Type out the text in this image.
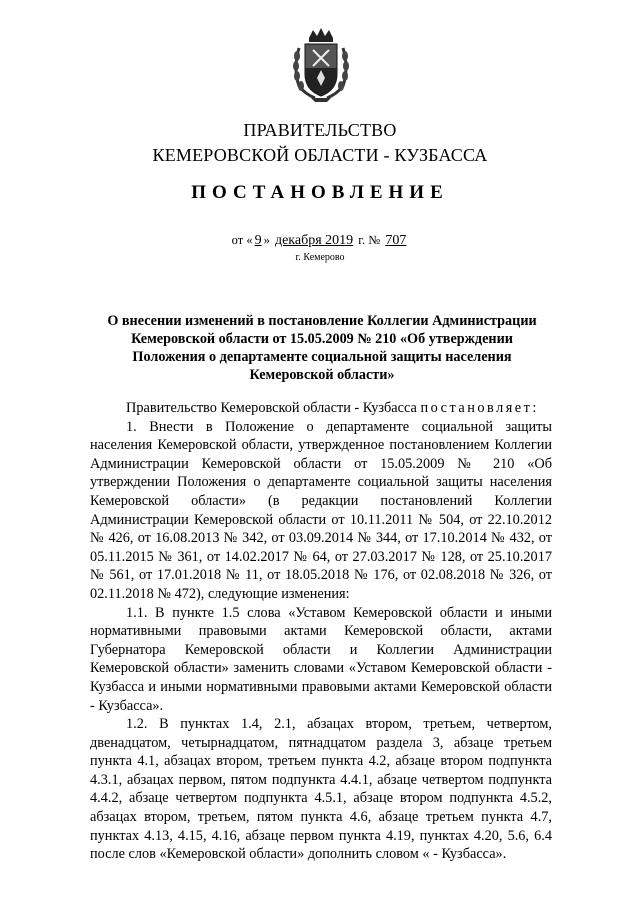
ПРАВИТЕЛЬСТВО
КЕМЕРОВСКОЙ ОБЛАСТИ - КУЗБАССА
ПОСТАНОВЛЕНИЕ
от « 9 » декабря 2019 г. № 707
г. Кемерово
О внесении изменений в постановление Коллегии Администрации Кемеровской области от 15.05.2009 № 210 «Об утверждении Положения о департаменте социальной защиты населения Кемеровской области»

Правительство Кемеровской области - Кузбасса постановляет:

1. Внести в Положение о департаменте социальной защиты населения Кемеровской области, утвержденное постановлением Коллегии Администрации Кемеровской области от 15.05.2009 № 210 «Об утверждении Положения о департаменте социальной защиты населения Кемеровской области» (в редакции постановлений Коллегии Администрации Кемеровской области от 10.11.2011 № 504, от 22.10.2012 № 426, от 16.08.2013 № 342, от 03.09.2014 № 344, от 17.10.2014 № 432, от 05.11.2015 № 361, от 14.02.2017 № 64, от 27.03.2017 № 128, от 25.10.2017 № 561, от 17.01.2018 № 11, от 18.05.2018 № 176, от 02.08.2018 № 326, от 02.11.2018 № 472), следующие изменения:

1.1. В пункте 1.5 слова «Уставом Кемеровской области и иными нормативными правовыми актами Кемеровской области, актами Губернатора Кемеровской области и Коллегии Администрации Кемеровской области» заменить словами «Уставом Кемеровской области - Кузбасса и иными нормативными правовыми актами Кемеровской области - Кузбасса».

1.2. В пунктах 1.4, 2.1, абзацах втором, третьем, четвертом, двенадцатом, четырнадцатом, пятнадцатом раздела 3, абзаце третьем пункта 4.1, абзацах втором, третьем пункта 4.2, абзаце втором подпункта 4.3.1, абзацах первом, пятом подпункта 4.4.1, абзаце четвертом подпункта 4.4.2, абзаце четвертом подпункта 4.5.1, абзаце втором подпункта 4.5.2, абзацах втором, третьем, пятом пункта 4.6, абзаце третьем пункта 4.7, пунктах 4.13, 4.15, 4.16, абзаце первом пункта 4.19, пунктах 4.20, 5.6, 6.4 после слов «Кемеровской области» дополнить словом « - Кузбасса».
